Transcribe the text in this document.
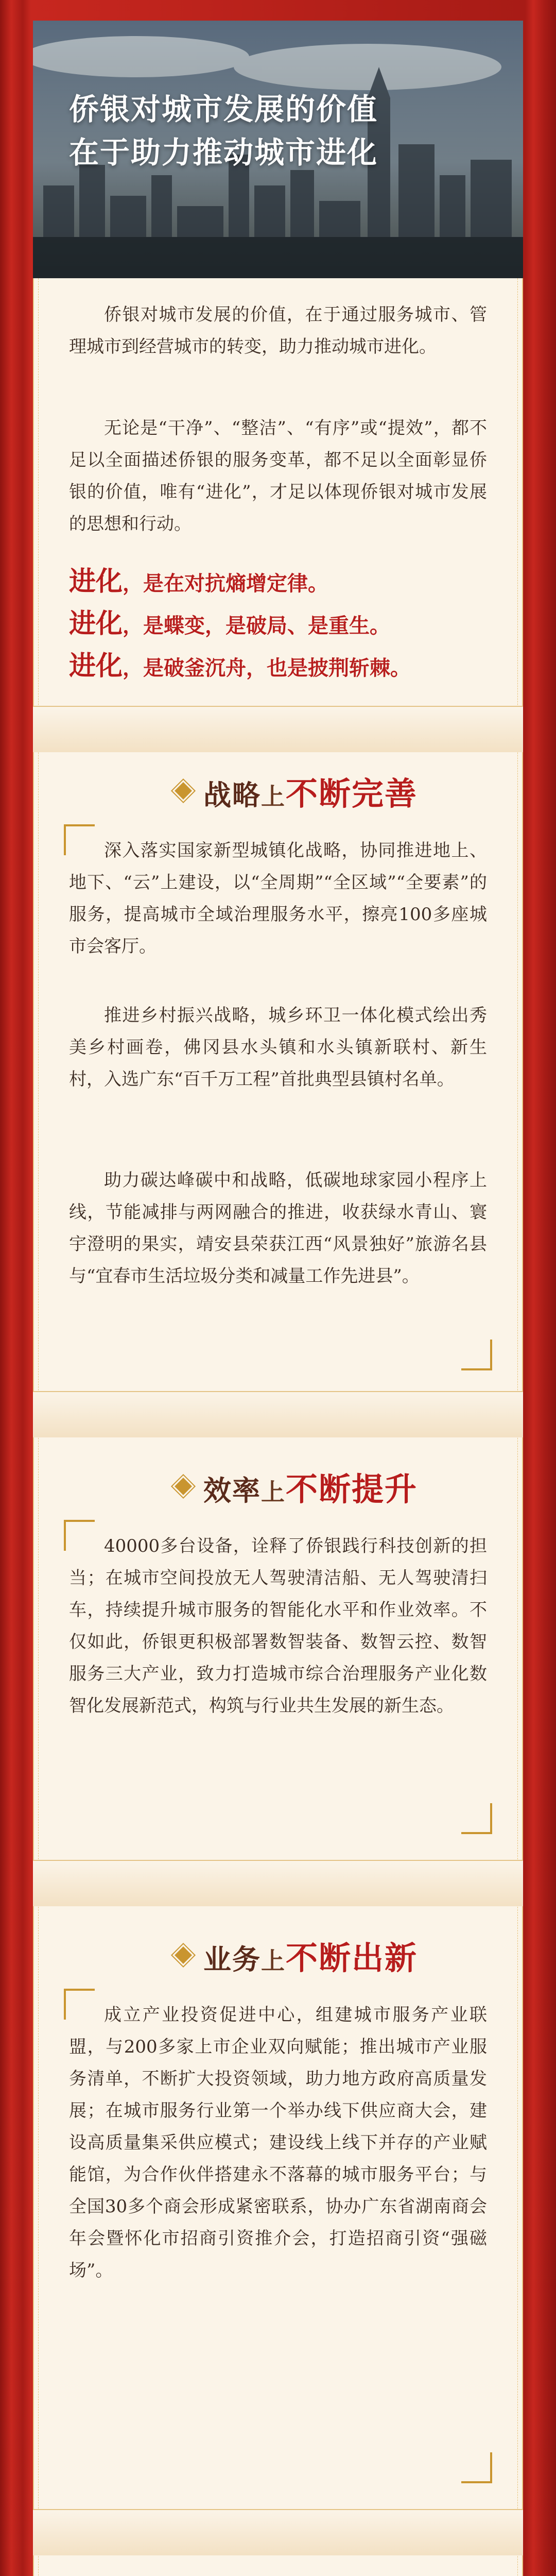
侨银对城市发展的价值
在于助力推动城市进化
侨银对城市发展的价值，在于通过服务城市、管理城市到经营城市的转变，助力推动城市进化。
无论是“干净”、“整洁”、“有序”或“提效”，都不足以全面描述侨银的服务变革，都不足以全面彰显侨银的价值，唯有“进化”，才足以体现侨银对城市发展的思想和行动。
进化，是在对抗熵增定律。
进化，是蝶变，是破局、是重生。
进化，是破釜沉舟，也是披荆斩棘。
战略上不断完善
深入落实国家新型城镇化战略，协同推进地上、地下、“云”上建设，以“全周期”“全区域”“全要素”的服务，提高城市全域治理服务水平，擦亮100多座城市会客厅。
推进乡村振兴战略，城乡环卫一体化模式绘出秀美乡村画卷，佛冈县水头镇和水头镇新联村、新生村，入选广东“百千万工程”首批典型县镇村名单。
助力碳达峰碳中和战略，低碳地球家园小程序上线，节能减排与两网融合的推进，收获绿水青山、寰宇澄明的果实，靖安县荣获江西“风景独好”旅游名县与“宜春市生活垃圾分类和减量工作先进县”。
效率上不断提升
40000多台设备，诠释了侨银践行科技创新的担当；在城市空间投放无人驾驶清洁船、无人驾驶清扫车，持续提升城市服务的智能化水平和作业效率。不仅如此，侨银更积极部署数智装备、数智云控、数智服务三大产业，致力打造城市综合治理服务产业化数智化发展新范式，构筑与行业共生发展的新生态。
业务上不断出新
成立产业投资促进中心，组建城市服务产业联盟，与200多家上市企业双向赋能；推出城市产业服务清单，不断扩大投资领域，助力地方政府高质量发展；在城市服务行业第一个举办线下供应商大会，建设高质量集采供应模式；建设线上线下并存的产业赋能馆，为合作伙伴搭建永不落幕的城市服务平台；与全国30多个商会形成紧密联系，协办广东省湖南商会年会暨怀化市招商引资推介会，打造招商引资“强磁场”。
